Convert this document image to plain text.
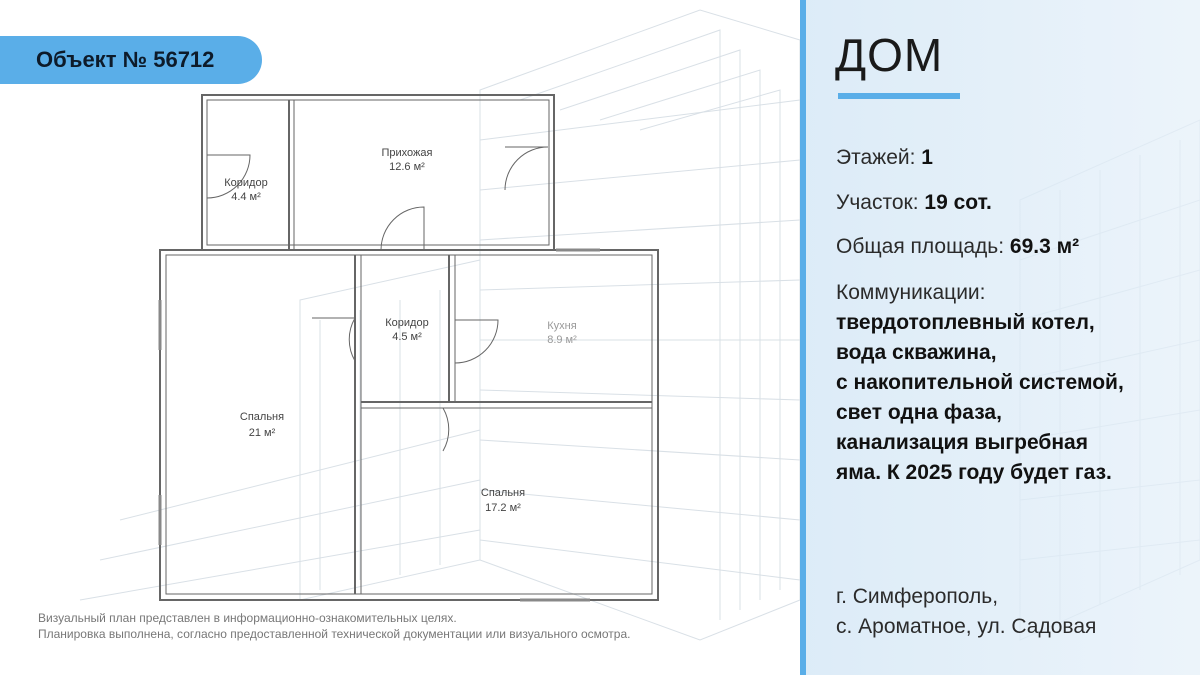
Объект № 56712
Прихожая
12.6 м²
Коридор
4.4 м²
Коридор
4.5 м²
Кухня
8.9 м²
Спальня
21 м²
Спальня
17.2 м²
Визуальный план представлен в информационно-ознакомительных целях.
Планировка выполнена, согласно предоставленной технической документации или визуального осмотра.
ДОМ
Этажей: 1
Участок: 19 сот.
Общая площадь: 69.3 м²
Коммуникации:
твердотоплевный котел,
вода скважина,
с накопительной системой,
свет одна фаза,
канализация выгребная
яма. К 2025 году будет газ.
г. Симферополь,
с. Ароматное, ул. Садовая
